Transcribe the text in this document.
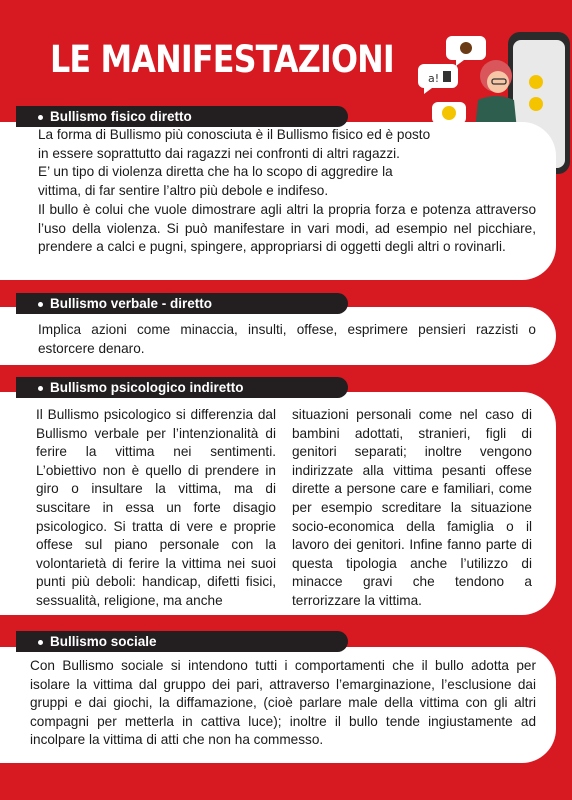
LE MANIFESTAZIONI	a!
Bullismo fisico diretto

La forma di Bullismo più conosciuta è il Bullismo fisico ed è posto in essere soprattutto dai ragazzi nei confronti di altri ragazzi.

E’ un tipo di violenza diretta che ha lo scopo di aggredire la vittima, di far sentire l’altro più debole e indifeso.

Il bullo è colui che vuole dimostrare agli altri la propria forza e potenza attraverso l’uso della violenza. Si può manifestare in vari modi, ad esempio nel picchiare, prendere a calci e pugni, spingere, appropriarsi di oggetti degli altri o rovinarli.

Bullismo verbale - diretto

Implica azioni come minaccia, insulti, offese, esprimere pensieri razzisti o estorcere denaro.

Bullismo psicologico indiretto

Il Bullismo psicologico si differenzia dal Bullismo verbale per l’intenzionalità di ferire la vittima nei sentimenti. L’obiettivo non è quello di prendere in giro o insultare la vittima, ma di suscitare in essa un forte disagio psicologico. Si tratta di vere e proprie offese sul piano personale con la volontarietà di ferire la vittima nei suoi punti più deboli: handicap, difetti fisici, sessualità, religione, ma anche

situazioni personali come nel caso di bambini adottati, stranieri, figli di genitori separati; inoltre vengono indirizzate alla vittima pesanti offese dirette a persone care e familiari, come per esempio screditare la situazione socio-economica della famiglia o il lavoro dei genitori. Infine fanno parte di questa tipologia anche l’utilizzo di minacce gravi che tendono a terrorizzare la vittima.

Bullismo sociale

Con Bullismo sociale si intendono tutti i comportamenti che il bullo adotta per isolare la vittima dal gruppo dei pari, attraverso l’emarginazione, l’esclusione dai gruppi e dai giochi, la diffamazione, (cioè parlare male della vittima con gli altri compagni per metterla in cattiva luce); inoltre il bullo tende ingiustamente ad incolpare la vittima di atti che non ha commesso.
